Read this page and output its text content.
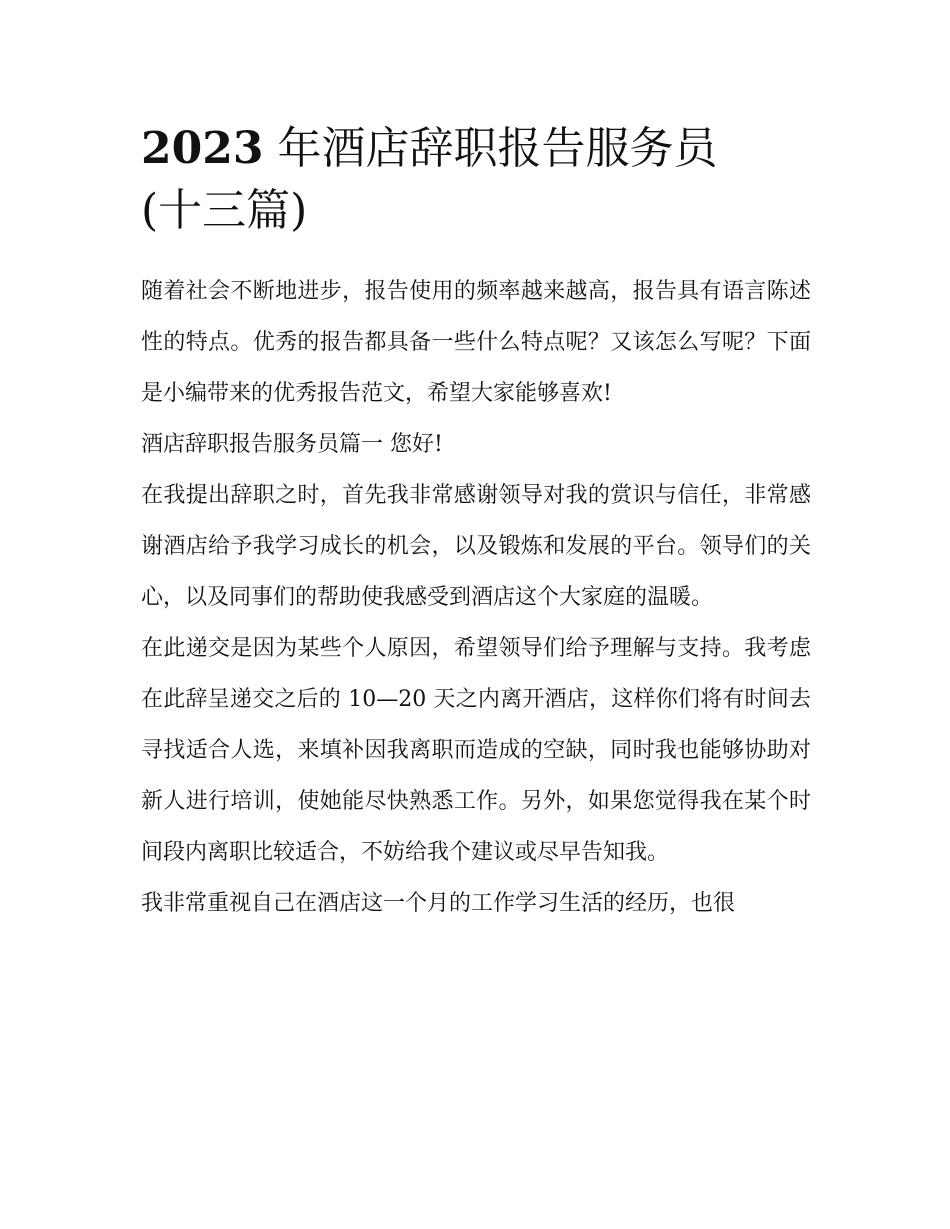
2023 年酒店辞职报告服务员
(十三篇)

随着社会不断地进步，报告使用的频率越来越高，报告具有语言陈述性的特点。优秀的报告都具备一些什么特点呢？又该怎么写呢？下面是小编带来的优秀报告范文，希望大家能够喜欢!

酒店辞职报告服务员篇一 您好!

在我提出辞职之时，首先我非常感谢领导对我的赏识与信任，非常感谢酒店给予我学习成长的机会，以及锻炼和发展的平台。领导们的关心，以及同事们的帮助使我感受到酒店这个大家庭的温暖。

在此递交是因为某些个人原因，希望领导们给予理解与支持。我考虑在此辞呈递交之后的 10—20 天之内离开酒店，这样你们将有时间去寻找适合人选，来填补因我离职而造成的空缺，同时我也能够协助对新人进行培训，使她能尽快熟悉工作。另外，如果您觉得我在某个时间段内离职比较适合，不妨给我个建议或尽早告知我。

我非常重视自己在酒店这一个月的工作学习生活的经历，也很
